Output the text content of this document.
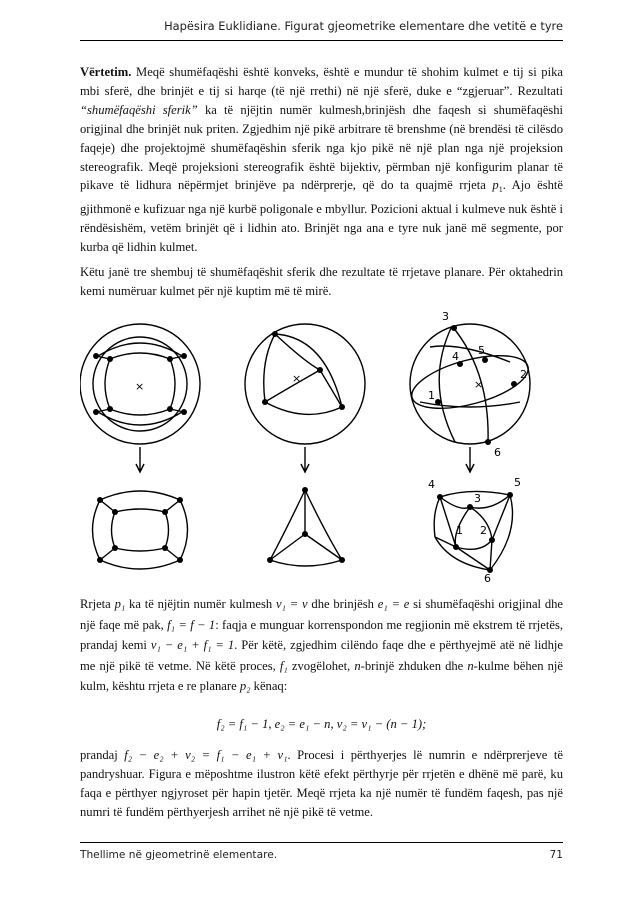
Hapësira Euklidiane. Figurat gjeometrike elementare dhe vetitë e tyre
Vërtetim. Meqë shumëfaqëshi është konveks, është e mundur të shohim kulmet e tij si pika mbi sferë, dhe brinjët e tij si harqe (të një rrethi) në një sferë, duke e “zgjeruar”. Rezultati “shumëfaqëshi sferik” ka të njëjtin numër kulmesh,brinjësh dhe faqesh si shumëfaqëshi origjinal dhe brinjët nuk priten. Zgjedhim një pikë arbitrare të brenshme (në brendësi të cilësdo faqeje) dhe projektojmë shumëfaqëshin sferik nga kjo pikë në një plan nga një projeksion stereografik. Meqë projeksioni stereografik është bijektiv, përmban një konfigurim planar të pikave të lidhura nëpërmjet brinjëve pa ndërprerje, që do ta quajmë rrjeta $p_1$. Ajo është gjithmonë e kufizuar nga një kurbë poligonale e mbyllur. Pozicioni aktual i kulmeve nuk është i rëndësishëm, vetëm brinjët që i lidhin ato. Brinjët nga ana e tyre nuk janë më segmente, por kurba që lidhin kulmet.
Këtu janë tre shembuj të shumëfaqëshit sferik dhe rezultate të rrjetave planare. Për oktahedrin kemi numëruar kulmet për një kuptim më të mirë.
×
×
3
5
4
2
1
6
×
4	5
3
1 2
6
Rrjeta p₁ ka të njëjtin numër kulmesh v₁ = v dhe brinjësh e₁ = e si shumëfaqëshi origjinal dhe një faqe më pak, f₁ = f − 1: faqja e munguar korrenspondon me regjionin më ekstrem të rrjetës, prandaj kemi v₁ − e₁ + f₁ = 1. Për këtë, zgjedhim cilëndo faqe dhe e përthyejmë atë në lidhje me një pikë të vetme. Në këtë proces, f₁ zvogëlohet, n-brinjë zhduken dhe n-kulme bëhen një kulm, kështu rrjeta e re planare p₂ kënaq:
f₂ = f₁ − 1, e₂ = e₁ − n, v₂ = v₁ − (n − 1);
prandaj f₂ − e₂ + v₂ = f₁ − e₁ + v₁. Procesi i përthyerjes lë numrin e ndërprerjeve të pandryshuar. Figura e mëposhtme ilustron këtë efekt përthyrje për rrjetën e dhënë më parë, ku faqa e përthyer ngjyroset për hapin tjetër. Meqë rrjeta ka një numër të fundëm faqesh, pas një numri të fundëm përthyerjesh arrihet në një pikë të vetme.
Thellime në gjeometrinë elementare.	71
